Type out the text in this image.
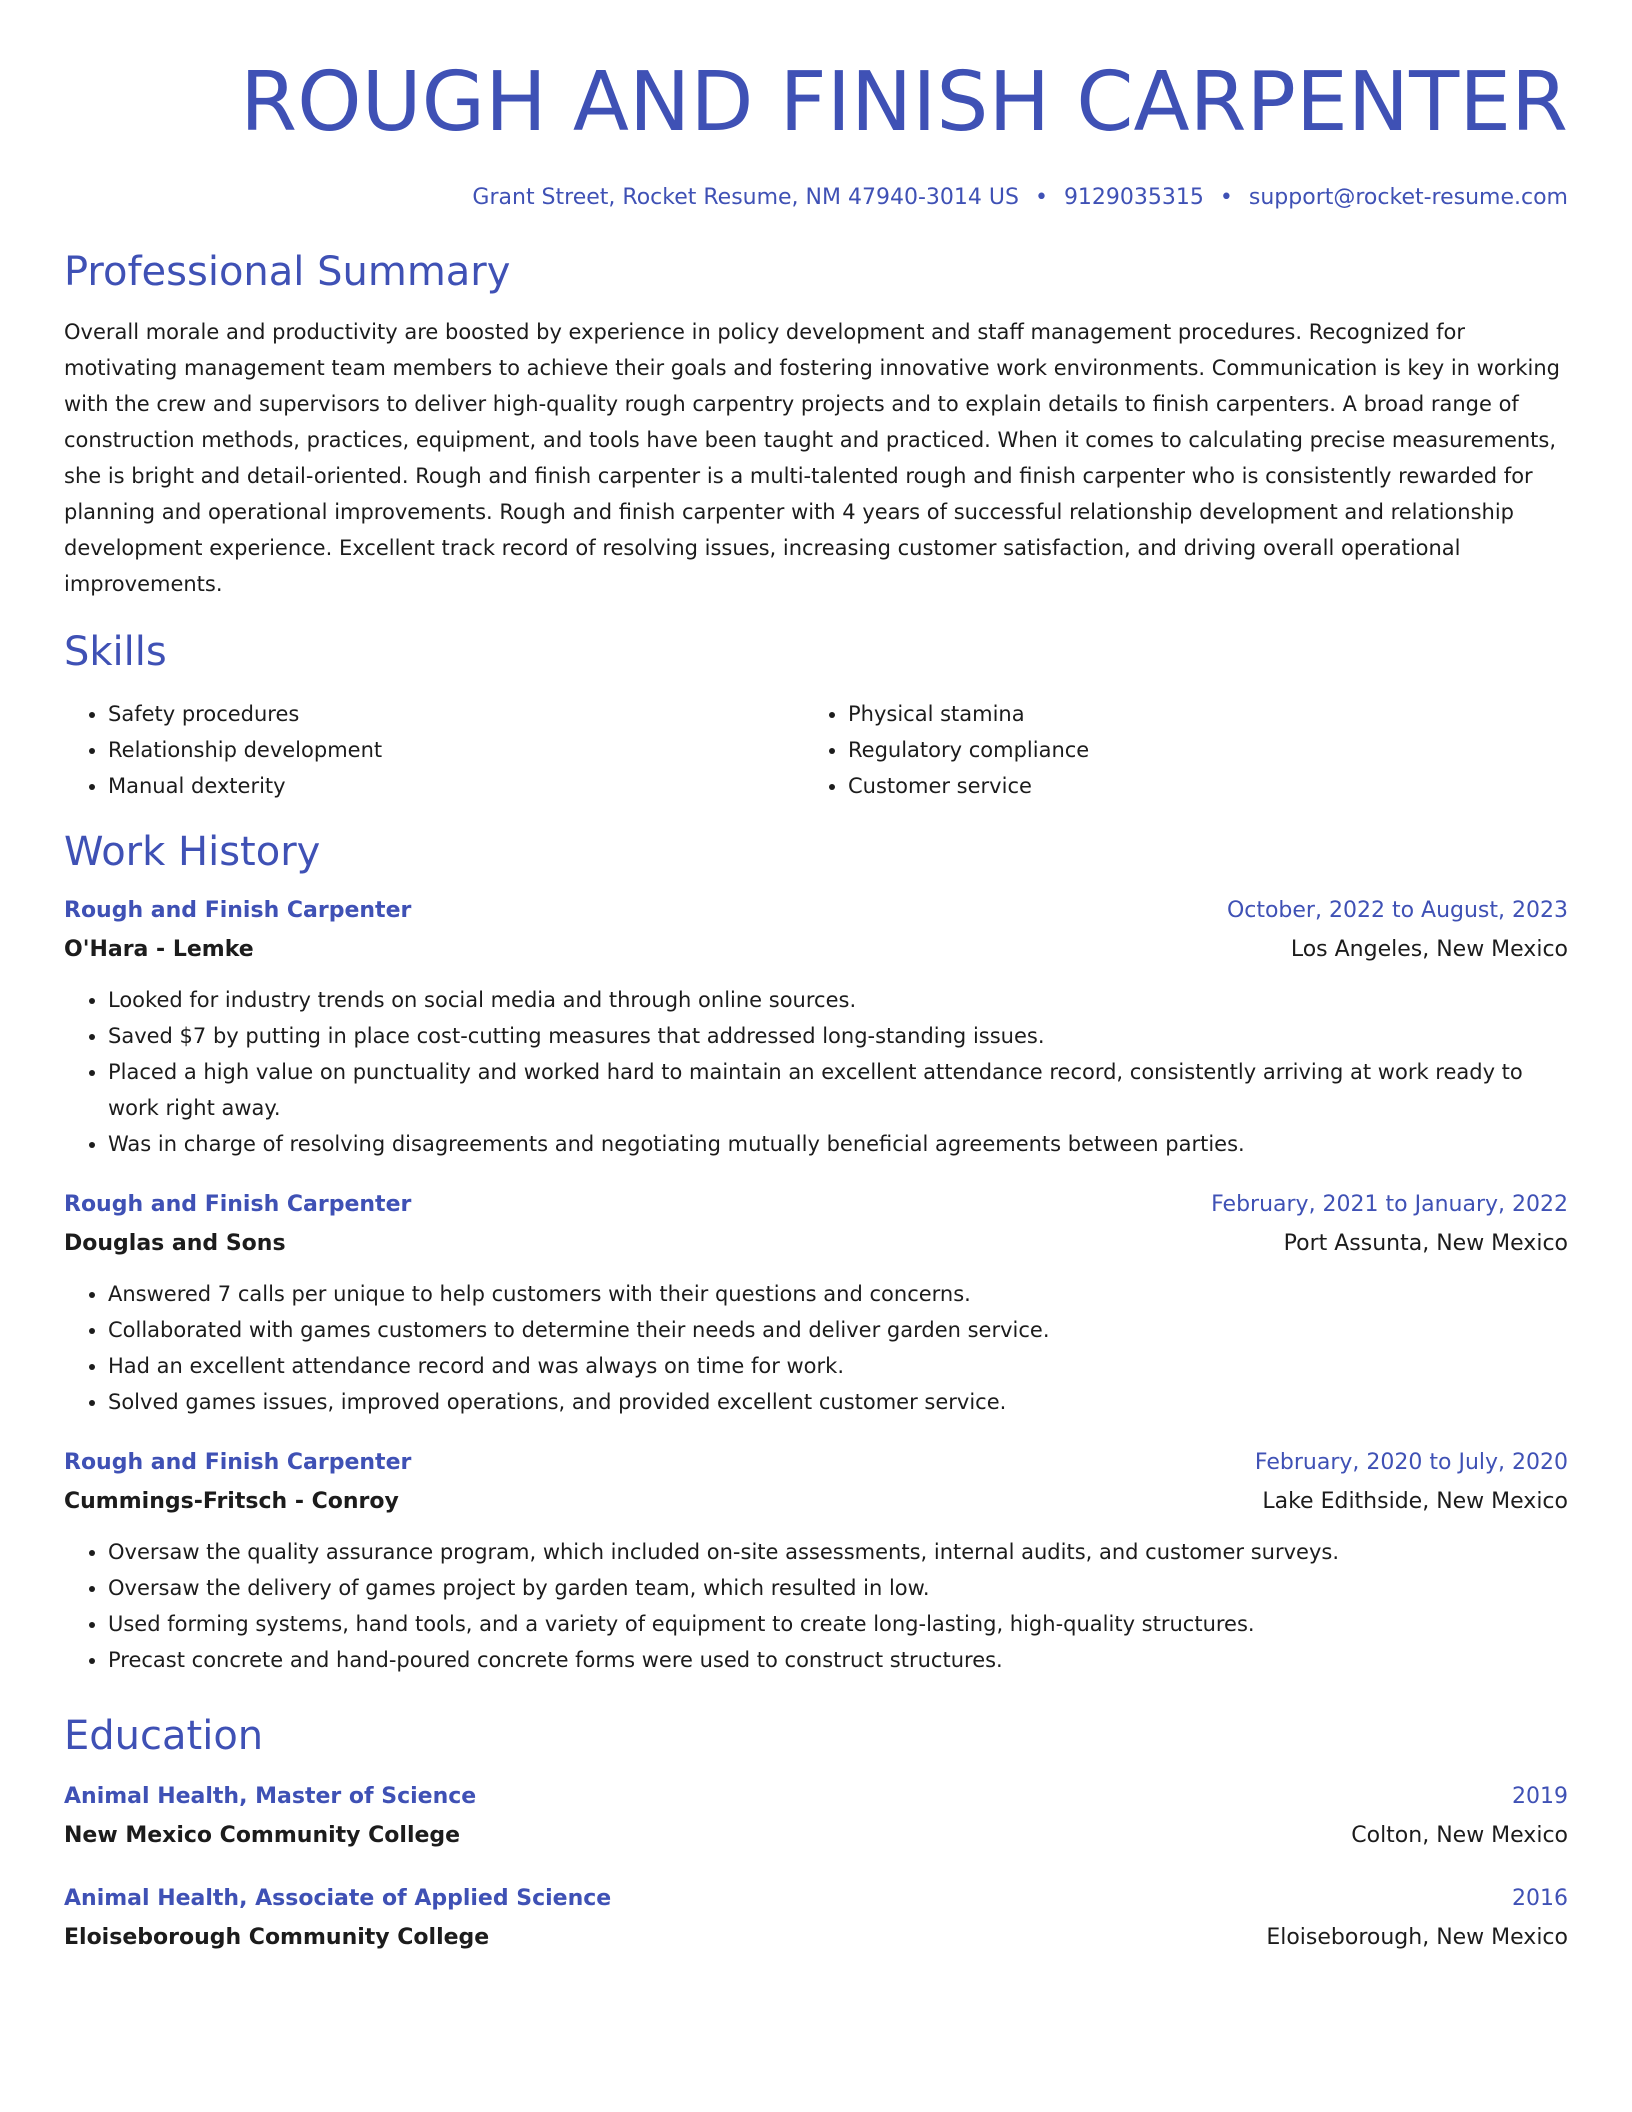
ROUGH AND FINISH CARPENTER
Grant Street, Rocket Resume, NM 47940-3014 US • 9129035315 • support@rocket-resume.com
Professional Summary
Overall morale and productivity are boosted by experience in policy development and staff management procedures. Recognized for motivating management team members to achieve their goals and fostering innovative work environments. Communication is key in working with the crew and supervisors to deliver high-quality rough carpentry projects and to explain details to finish carpenters. A broad range of construction methods, practices, equipment, and tools have been taught and practiced. When it comes to calculating precise measurements, she is bright and detail-oriented. Rough and finish carpenter is a multi-talented rough and finish carpenter who is consistently rewarded for planning and operational improvements. Rough and finish carpenter with 4 years of successful relationship development and relationship development experience. Excellent track record of resolving issues, increasing customer satisfaction, and driving overall operational improvements.
Skills
• Safety procedures
• Relationship development
• Manual dexterity
• Physical stamina
• Regulatory compliance
• Customer service
Work History
Rough and Finish Carpenter	October, 2022 to August, 2023
O'Hara - Lemke	Los Angeles, New Mexico
• Looked for industry trends on social media and through online sources.
• Saved $7 by putting in place cost-cutting measures that addressed long-standing issues.
• Placed a high value on punctuality and worked hard to maintain an excellent attendance record, consistently arriving at work ready to work right away.
• Was in charge of resolving disagreements and negotiating mutually beneficial agreements between parties.
Rough and Finish Carpenter	February, 2021 to January, 2022
Douglas and Sons	Port Assunta, New Mexico
• Answered 7 calls per unique to help customers with their questions and concerns.
• Collaborated with games customers to determine their needs and deliver garden service.
• Had an excellent attendance record and was always on time for work.
• Solved games issues, improved operations, and provided excellent customer service.
Rough and Finish Carpenter	February, 2020 to July, 2020
Cummings-Fritsch - Conroy	Lake Edithside, New Mexico
• Oversaw the quality assurance program, which included on-site assessments, internal audits, and customer surveys.
• Oversaw the delivery of games project by garden team, which resulted in low.
• Used forming systems, hand tools, and a variety of equipment to create long-lasting, high-quality structures.
• Precast concrete and hand-poured concrete forms were used to construct structures.
Education
Animal Health, Master of Science	2019
New Mexico Community College	Colton, New Mexico
Animal Health, Associate of Applied Science	2016
Eloiseborough Community College	Eloiseborough, New Mexico
